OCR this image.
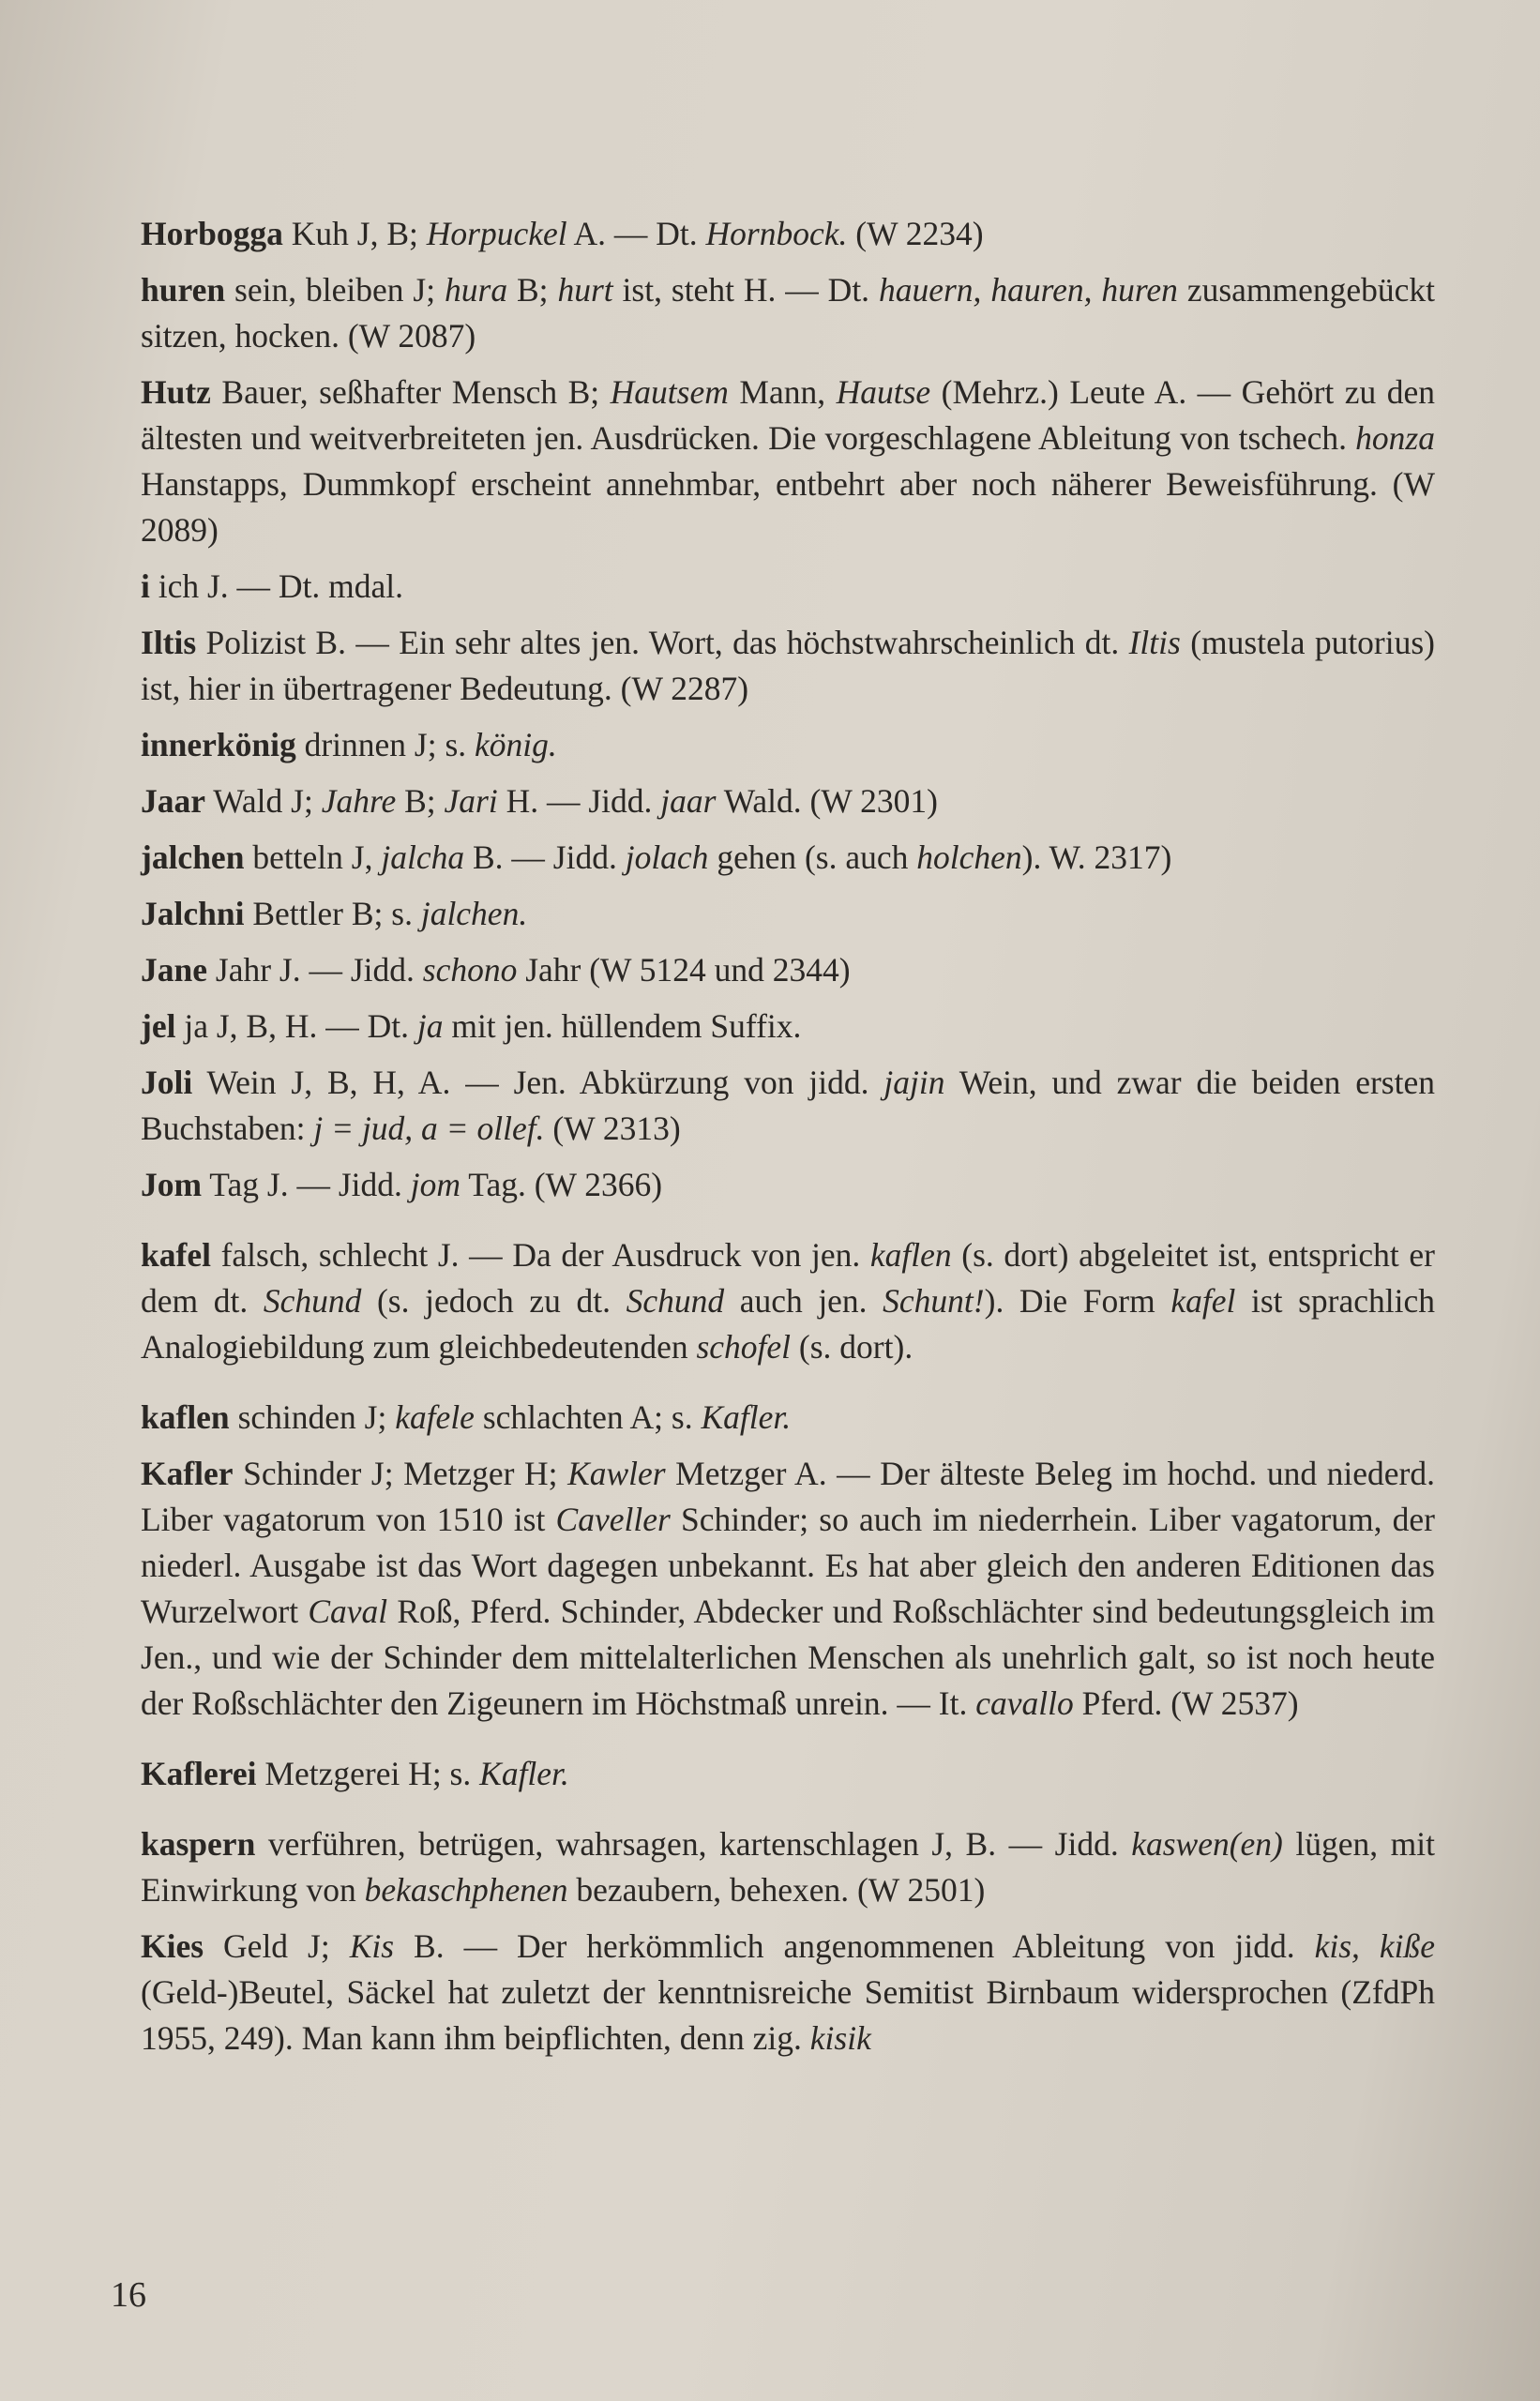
Horbogga Kuh J, B; Horpuckel A. — Dt. Hornbock. (W 2234)

huren sein, bleiben J; hura B; hurt ist, steht H. — Dt. hauern, hauren, huren zusammengebückt sitzen, hocken. (W 2087)

Hutz Bauer, seßhafter Mensch B; Hautsem Mann, Hautse (Mehrz.) Leute A. — Gehört zu den ältesten und weitverbreiteten jen. Ausdrücken. Die vorgeschlagene Ableitung von tschech. honza Hanstapps, Dummkopf erscheint annehmbar, entbehrt aber noch näherer Beweisführung. (W 2089)

i ich J. — Dt. mdal.

Iltis Polizist B. — Ein sehr altes jen. Wort, das höchstwahrscheinlich dt. Iltis (mustela putorius) ist, hier in übertragener Bedeutung. (W 2287)

innerkönig drinnen J; s. könig.

Jaar Wald J; Jahre B; Jari H. — Jidd. jaar Wald. (W 2301)

jalchen betteln J, jalcha B. — Jidd. jolach gehen (s. auch holchen). W. 2317)

Jalchni Bettler B; s. jalchen.

Jane Jahr J. — Jidd. schono Jahr (W 5124 und 2344)

jel ja J, B, H. — Dt. ja mit jen. hüllendem Suffix.

Joli Wein J, B, H, A. — Jen. Abkürzung von jidd. jajin Wein, und zwar die beiden ersten Buchstaben: j = jud, a = ollef. (W 2313)

Jom Tag J. — Jidd. jom Tag. (W 2366)

kafel falsch, schlecht J. — Da der Ausdruck von jen. kaflen (s. dort) abgeleitet ist, entspricht er dem dt. Schund (s. jedoch zu dt. Schund auch jen. Schunt!). Die Form kafel ist sprachlich Analogiebildung zum gleichbedeutenden schofel (s. dort).

kaflen schinden J; kafele schlachten A; s. Kafler.

Kafler Schinder J; Metzger H; Kawler Metzger A. — Der älteste Beleg im hochd. und niederd. Liber vagatorum von 1510 ist Caveller Schinder; so auch im niederrhein. Liber vagatorum, der niederl. Ausgabe ist das Wort dagegen unbekannt. Es hat aber gleich den anderen Editionen das Wurzelwort Caval Roß, Pferd. Schinder, Abdecker und Roßschlächter sind bedeutungsgleich im Jen., und wie der Schinder dem mittelalterlichen Menschen als unehrlich galt, so ist noch heute der Roßschlächter den Zigeunern im Höchstmaß unrein. — It. cavallo Pferd. (W 2537)

Kaflerei Metzgerei H; s. Kafler.

kaspern verführen, betrügen, wahrsagen, kartenschlagen J, B. — Jidd. kaswen(en) lügen, mit Einwirkung von bekaschphenen bezaubern, behexen. (W 2501)

Kies Geld J; Kis B. — Der herkömmlich angenommenen Ableitung von jidd. kis, kiße (Geld-)Beutel, Säckel hat zuletzt der kenntnisreiche Semitist Birnbaum widersprochen (ZfdPh 1955, 249). Man kann ihm beipflichten, denn zig. kisik

16
